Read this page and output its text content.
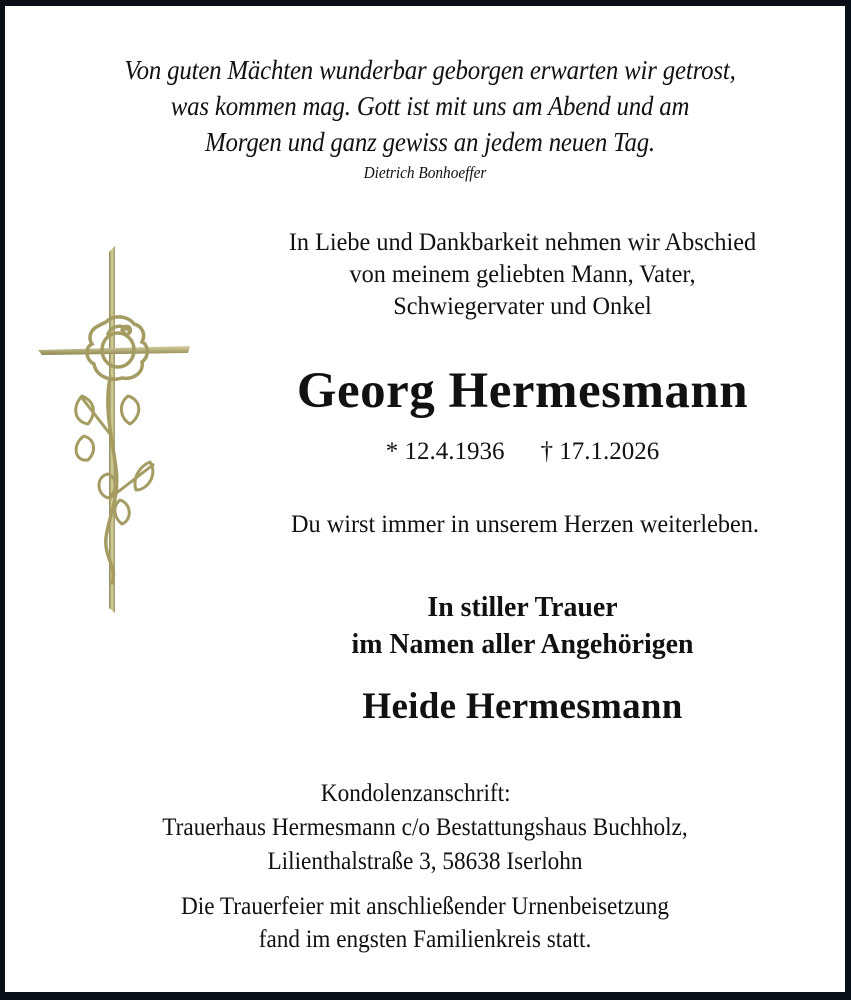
Von guten Mächten wunderbar geborgen erwarten wir getrost,
was kommen mag. Gott ist mit uns am Abend und am
Morgen und ganz gewiss an jedem neuen Tag.
Dietrich Bonhoeffer
In Liebe und Dankbarkeit nehmen wir Abschied
von meinem geliebten Mann, Vater,
Schwiegervater und Onkel
Georg Hermesmann
* 12.4.1936 † 17.1.2026
Du wirst immer in unserem Herzen weiterleben.
In stiller Trauer
im Namen aller Angehörigen
Heide Hermesmann
Kondolenzanschrift:
Trauerhaus Hermesmann c/o Bestattungshaus Buchholz,
Lilienthalstraße 3, 58638 Iserlohn
Die Trauerfeier mit anschließender Urnenbeisetzung
fand im engsten Familienkreis statt.
